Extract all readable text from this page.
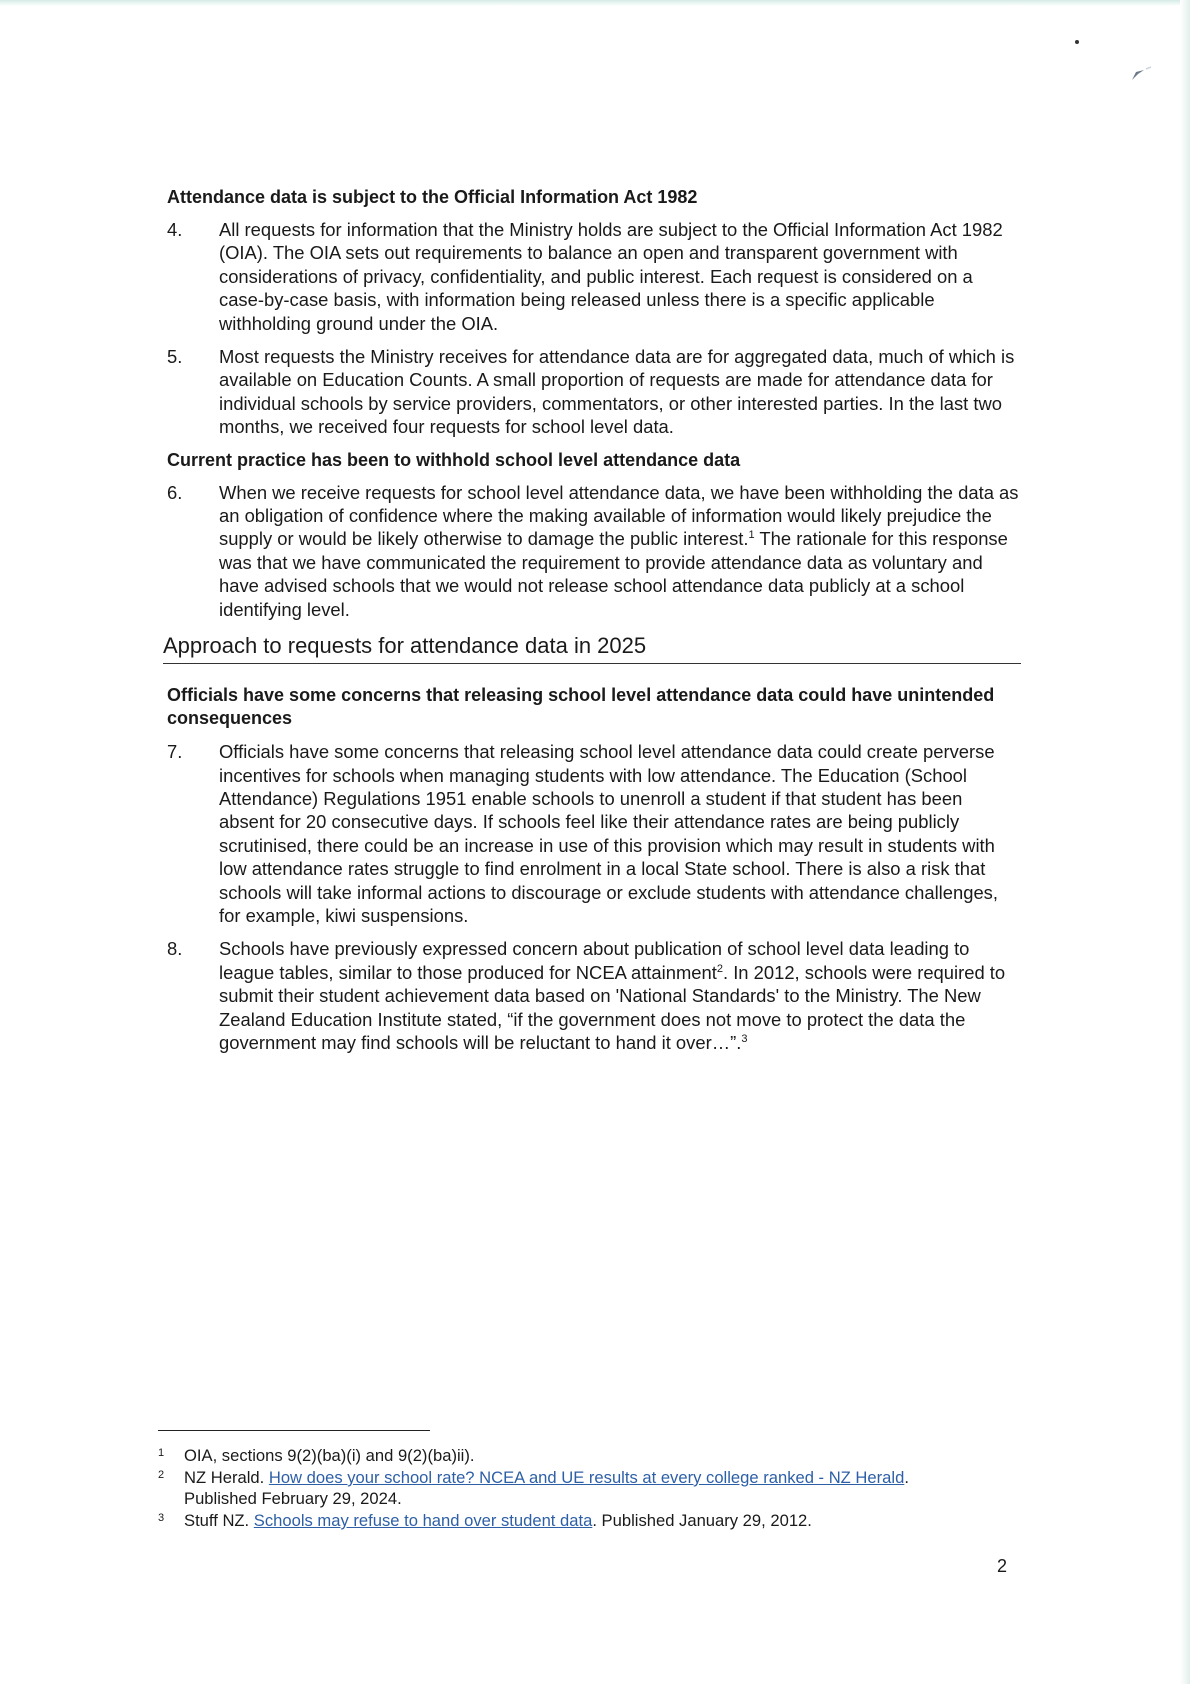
Attendance data is subject to the Official Information Act 1982
4.	All requests for information that the Ministry holds are subject to the Official Information Act 1982 (OIA). The OIA sets out requirements to balance an open and transparent government with considerations of privacy, confidentiality, and public interest. Each request is considered on a case-by-case basis, with information being released unless there is a specific applicable withholding ground under the OIA.
5.	Most requests the Ministry receives for attendance data are for aggregated data, much of which is available on Education Counts. A small proportion of requests are made for attendance data for individual schools by service providers, commentators, or other interested parties. In the last two months, we received four requests for school level data.
Current practice has been to withhold school level attendance data
6.	When we receive requests for school level attendance data, we have been withholding the data as an obligation of confidence where the making available of information would likely prejudice the supply or would be likely otherwise to damage the public interest.$^1$ The rationale for this response was that we have communicated the requirement to provide attendance data as voluntary and have advised schools that we would not release school attendance data publicly at a school identifying level.
Approach to requests for attendance data in 2025
Officials have some concerns that releasing school level attendance data could have unintended consequences
7.	Officials have some concerns that releasing school level attendance data could create perverse incentives for schools when managing students with low attendance. The Education (School Attendance) Regulations 1951 enable schools to unenroll a student if that student has been absent for 20 consecutive days. If schools feel like their attendance rates are being publicly scrutinised, there could be an increase in use of this provision which may result in students with low attendance rates struggle to find enrolment in a local State school. There is also a risk that schools will take informal actions to discourage or exclude students with attendance challenges, for example, kiwi suspensions.
8.	Schools have previously expressed concern about publication of school level data leading to league tables, similar to those produced for NCEA attainment$^2$. In 2012, schools were required to submit their student achievement data based on 'National Standards' to the Ministry. The New Zealand Education Institute stated, “if the government does not move to protect the data the government may find schools will be reluctant to hand it over…”.$^3$
1 OIA, sections 9(2)(ba)(i) and 9(2)(ba)ii).
2 NZ Herald. How does your school rate? NCEA and UE results at every college ranked - NZ Herald. Published February 29, 2024.
3 Stuff NZ. Schools may refuse to hand over student data. Published January 29, 2012.
2
